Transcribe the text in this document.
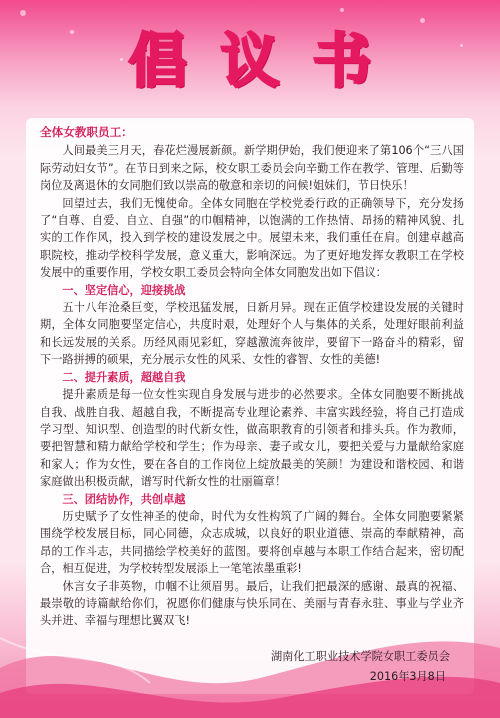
倡议书

全体女教职员工：

人间最美三月天，春花烂漫展新颜。新学期伊始，我们便迎来了第106个“三八国际劳动妇女节”。在节日到来之际，校女职工委员会向辛勤工作在教学、管理、后勤等岗位及离退休的女同胞们致以崇高的敬意和亲切的问候!姐妹们，节日快乐！

回望过去，我们无愧使命。全体女同胞在学校党委行政的正确领导下，充分发扬了“自尊、自爱、自立、自强”的巾帼精神，以饱满的工作热情、昂扬的精神风貌、扎实的工作作风，投入到学校的建设发展之中。展望未来，我们重任在肩。创建卓越高职院校，推动学校科学发展，意义重大，影响深远。为了更好地发挥女教职工在学校发展中的重要作用，学校女职工委员会特向全体女同胞发出如下倡议：

一、坚定信心，迎接挑战

五十八年沧桑巨变，学校迅猛发展，日新月异。现在正值学校建设发展的关键时期，全体女同胞要坚定信心，共度时艰，处理好个人与集体的关系，处理好眼前利益和长远发展的关系。历经风雨见彩虹，穿越激流奔彼岸，要留下一路奋斗的精彩，留下一路拼搏的硕果，充分展示女性的风采、女性的睿智、女性的美德!

二、提升素质，超越自我

提升素质是每一位女性实现自身发展与进步的必然要求。全体女同胞要不断挑战自我、战胜自我、超越自我，不断提高专业理论素养、丰富实践经验，将自己打造成学习型、知识型、创造型的时代新女性，做高职教育的引领者和排头兵。作为教师，要把智慧和精力献给学校和学生；作为母亲、妻子或女儿，要把关爱与力量献给家庭和家人；作为女性，要在各自的工作岗位上绽放最美的笑颜！为建设和谐校园、和谐家庭做出积极贡献，谱写时代新女性的壮丽篇章！

三、团结协作，共创卓越

历史赋予了女性神圣的使命，时代为女性构筑了广阔的舞台。全体女同胞要紧紧围绕学校发展目标，同心同德，众志成城，以良好的职业道德、崇高的奉献精神，高昂的工作斗志，共同描绘学校美好的蓝图。要将创卓越与本职工作结合起来，密切配合，相互促进，为学校转型发展添上一笔笔浓墨重彩!

休言女子非英物，巾帼不让须眉男。最后，让我们把最深的感谢、最真的祝福、最崇敬的诗篇献给你们，祝愿你们健康与快乐同在、美丽与青春永驻、事业与学业齐头并进、幸福与理想比翼双飞!

湖南化工职业技术学院女职工委员会

2016年3月8日
